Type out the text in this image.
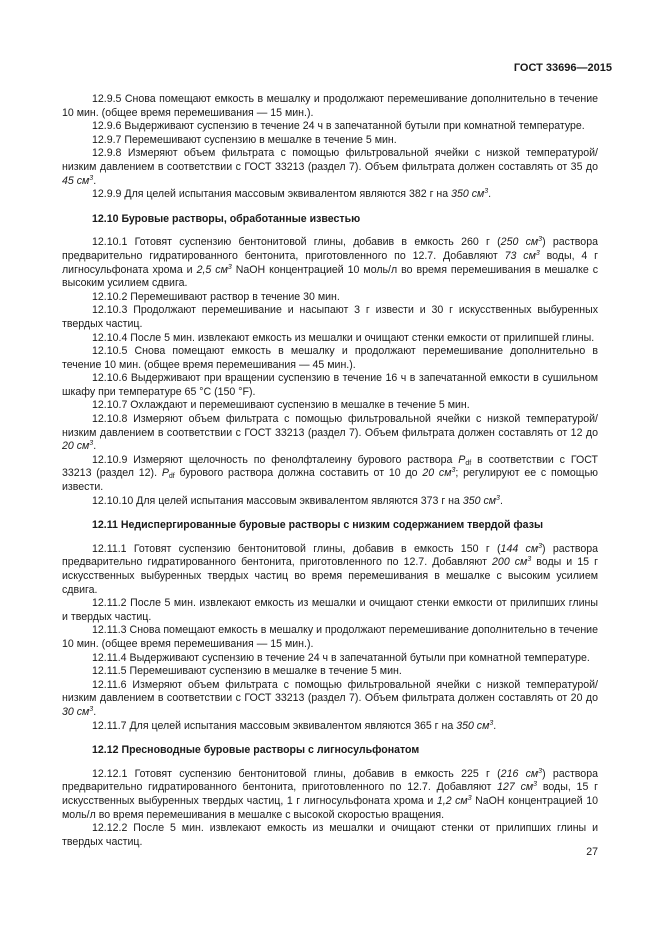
ГОСТ 33696—2015

12.9.5 Снова помещают емкость в мешалку и продолжают перемешивание дополнительно в течение 10 мин. (общее время перемешивания — 15 мин.).

12.9.6 Выдерживают суспензию в течение 24 ч в запечатанной бутыли при комнатной температуре.

12.9.7 Перемешивают суспензию в мешалке в течение 5 мин.

12.9.8 Измеряют объем фильтрата с помощью фильтровальной ячейки с низкой температурой/низким давлением в соответствии с ГОСТ 33213 (раздел 7). Объем фильтрата должен составлять от 35 до 45 $см^3$.

12.9.9 Для целей испытания массовым эквивалентом являются 382 г на 350 $см^3$.

12.10 Буровые растворы, обработанные известью

12.10.1 Готовят суспензию бентонитовой глины, добавив в емкость 260 г (250 $см^3$) раствора предварительно гидратированного бентонита, приготовленного по 12.7. Добавляют 73 $см^3$ воды, 4 г лигносульфоната хрома и 2,5 $см^3$ NaOH концентрацией 10 моль/л во время перемешивания в мешалке с высоким усилием сдвига.

12.10.2 Перемешивают раствор в течение 30 мин.

12.10.3 Продолжают перемешивание и насыпают 3 г извести и 30 г искусственных выбуренных твердых частиц.

12.10.4 После 5 мин. извлекают емкость из мешалки и очищают стенки емкости от прилипшей глины.

12.10.5 Снова помещают емкость в мешалку и продолжают перемешивание дополнительно в течение 10 мин. (общее время перемешивания — 45 мин.).

12.10.6 Выдерживают при вращении суспензию в течение 16 ч в запечатанной емкости в сушильном шкафу при температуре 65 °С (150 °F).

12.10.7 Охлаждают и перемешивают суспензию в мешалке в течение 5 мин.

12.10.8 Измеряют объем фильтрата с помощью фильтровальной ячейки с низкой температурой/низким давлением в соответствии с ГОСТ 33213 (раздел 7). Объем фильтрата должен составлять от 12 до 20 $см^3$.

12.10.9 Измеряют щелочность по фенолфталеину бурового раствора $P_{df}$ в соответствии с ГОСТ 33213 (раздел 12). $P_{df}$ бурового раствора должна составить от 10 до 20 $см^3$; регулируют ее с помощью извести.

12.10.10 Для целей испытания массовым эквивалентом являются 373 г на 350 $см^3$.

12.11 Недиспергированные буровые растворы с низким содержанием твердой фазы

12.11.1 Готовят суспензию бентонитовой глины, добавив в емкость 150 г (144 $см^3$) раствора предварительно гидратированного бентонита, приготовленного по 12.7. Добавляют 200 $см^3$ воды и 15 г искусственных выбуренных твердых частиц во время перемешивания в мешалке с высоким усилием сдвига.

12.11.2 После 5 мин. извлекают емкость из мешалки и очищают стенки емкости от прилипших глины и твердых частиц.

12.11.3 Снова помещают емкость в мешалку и продолжают перемешивание дополнительно в течение 10 мин. (общее время перемешивания — 15 мин.).

12.11.4 Выдерживают суспензию в течение 24 ч в запечатанной бутыли при комнатной температуре.

12.11.5 Перемешивают суспензию в мешалке в течение 5 мин.

12.11.6 Измеряют объем фильтрата с помощью фильтровальной ячейки с низкой температурой/низким давлением в соответствии с ГОСТ 33213 (раздел 7). Объем фильтрата должен составлять от 20 до 30 $см^3$.

12.11.7 Для целей испытания массовым эквивалентом являются 365 г на 350 $см^3$.

12.12 Пресноводные буровые растворы с лигносульфонатом

12.12.1 Готовят суспензию бентонитовой глины, добавив в емкость 225 г (216 $см^3$) раствора предварительно гидратированного бентонита, приготовленного по 12.7. Добавляют 127 $см^3$ воды, 15 г искусственных выбуренных твердых частиц, 1 г лигносульфоната хрома и 1,2 $см^3$ NaOH концентрацией 10 моль/л во время перемешивания в мешалке с высокой скоростью вращения.

12.12.2 После 5 мин. извлекают емкость из мешалки и очищают стенки от прилипших глины и твердых частиц.

27
